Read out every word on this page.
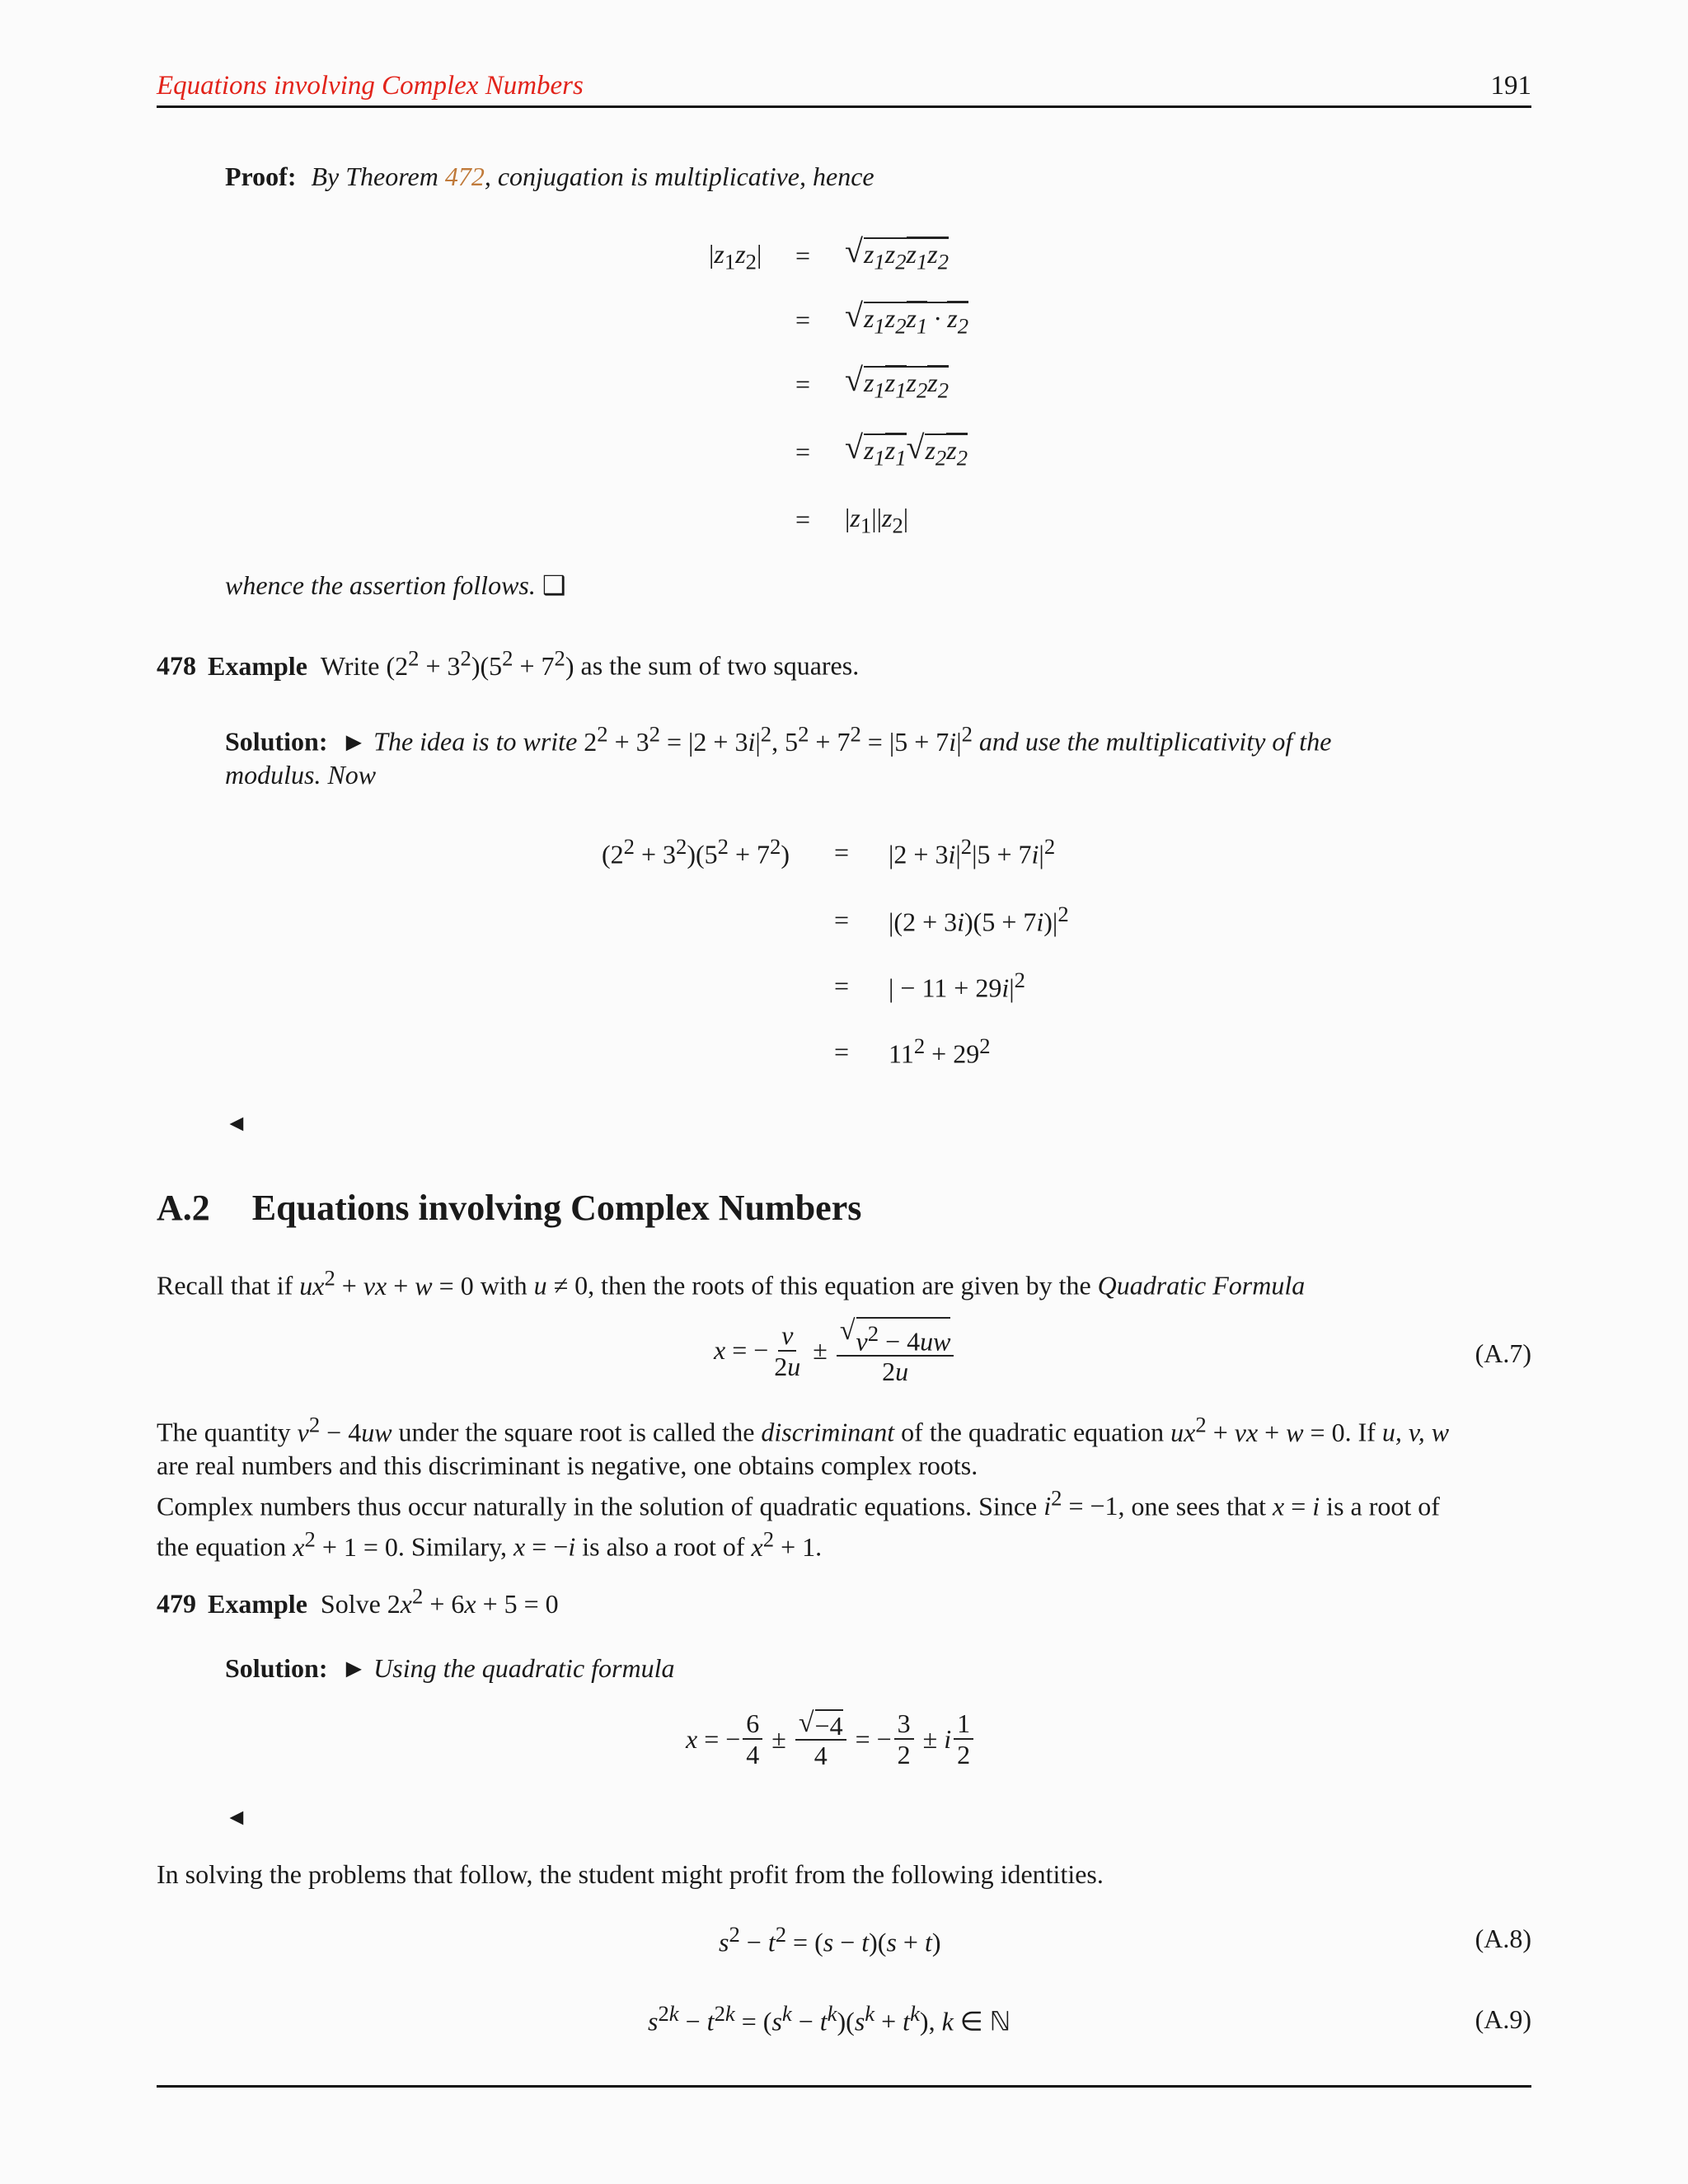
Equations involving Complex Numbers	191
Proof: By Theorem 472, conjugation is multiplicative, hence
$|z_1z_2|$ = √ $z_1z_2z_1z_2$
= √ $z_1z_2z_1 \cdot z_2$
= √ $z_1z_1z_2z_2$
= √ $z_1z_1$ √ $z_2z_2$
= $|z_1||z_2|$
whence the assertion follows. ❑
478 Example Write $(2^2 + 3^2)(5^2 + 7^2)$ as the sum of two squares.
Solution: ► The idea is to write $2^2 + 3^2 = |2 + 3i|^2$, $5^2 + 7^2 = |5 + 7i|^2$ and use the multiplicativity of the
modulus. Now
$(2^2 + 3^2)(5^2 + 7^2) = |2 + 3i|^2|5 + 7i|^2$
= $|(2 + 3i)(5 + 7i)|^2$
= | − $11 + 29i|^2$
= $11^2 + 29^2$
◄
A.2 Equations involving Complex Numbers
Recall that if $ux^2$ + vx + w = 0 with u ≠ 0, then the roots of this equation are given by the Quadratic Formula
x = − $\frac{v}{2u} \pm \frac{√ v^2 - 4uw}{2u}$	(A.7)
The quantity $v^2 - 4uw$ under the square root is called the discriminant of the quadratic equation $ux^2$ + vx + w = 0. If u, v, w
are real numbers and this discriminant is negative, one obtains complex roots.
Complex numbers thus occur naturally in the solution of quadratic equations. Since $i^2 = -1$, one sees that x = i is a root of
the equation $x^2 + 1 = 0$. Similary, x = −i is also a root of $x^2 + 1$.
479 Example Solve $2x^2 + 6x + 5 = 0$
Solution: ► Using the quadratic formula
x = − $\frac{6}{4} \pm \frac{√ -4}{4}$ = − $\frac{3}{2} \pm i \frac{1}{2}$
◄
In solving the problems that follow, the student might profit from the following identities.
$s^2 - t^2 = (s - t)(s + t)$	(A.8)
$s^{2k} - t^{2k} = (s^k - t^k)(s^k + t^k)$, k ∈ ℕ	(A.9)
